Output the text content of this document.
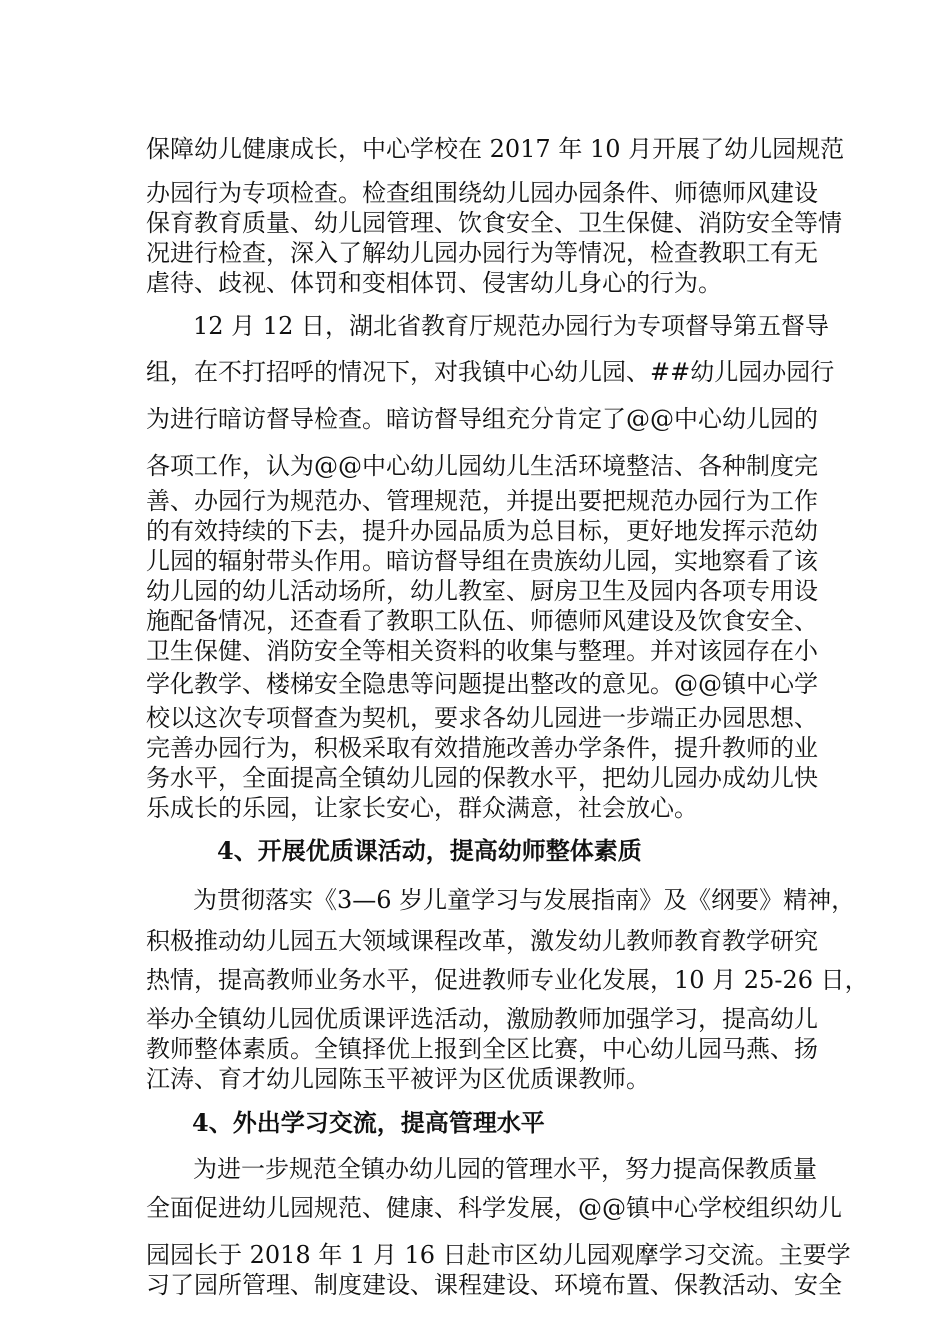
保障幼儿健康成长，中心学校在 2017 年 10 月开展了幼儿园规范
办园行为专项检查。检查组围绕幼儿园办园条件、师德师风建设
保育教育质量、幼儿园管理、饮食安全、卫生保健、消防安全等情
况进行检查，深入了解幼儿园办园行为等情况，检查教职工有无
虐待、歧视、体罚和变相体罚、侵害幼儿身心的行为。
12 月 12 日，湖北省教育厅规范办园行为专项督导第五督导
组，在不打招呼的情况下，对我镇中心幼儿园、##幼儿园办园行
为进行暗访督导检查。暗访督导组充分肯定了@@中心幼儿园的
各项工作，认为@@中心幼儿园幼儿生活环境整洁、各种制度完
善、办园行为规范办、管理规范，并提出要把规范办园行为工作
的有效持续的下去，提升办园品质为总目标，更好地发挥示范幼
儿园的辐射带头作用。暗访督导组在贵族幼儿园，实地察看了该
幼儿园的幼儿活动场所，幼儿教室、厨房卫生及园内各项专用设
施配备情况，还查看了教职工队伍、师德师风建设及饮食安全、
卫生保健、消防安全等相关资料的收集与整理。并对该园存在小
学化教学、楼梯安全隐患等问题提出整改的意见。@@镇中心学
校以这次专项督查为契机，要求各幼儿园进一步端正办园思想、
完善办园行为，积极采取有效措施改善办学条件，提升教师的业
务水平，全面提高全镇幼儿园的保教水平，把幼儿园办成幼儿快
乐成长的乐园，让家长安心，群众满意，社会放心。
4、开展优质课活动，提高幼师整体素质
为贯彻落实《3—6 岁儿童学习与发展指南》及《纲要》精神，
积极推动幼儿园五大领域课程改革，激发幼儿教师教育教学研究
热情，提高教师业务水平，促进教师专业化发展，10 月 25-26 日，
举办全镇幼儿园优质课评选活动，激励教师加强学习，提高幼儿
教师整体素质。全镇择优上报到全区比赛，中心幼儿园马燕、扬
江涛、育才幼儿园陈玉平被评为区优质课教师。
4、外出学习交流，提高管理水平
为进一步规范全镇办幼儿园的管理水平，努力提高保教质量
全面促进幼儿园规范、健康、科学发展，@@镇中心学校组织幼儿
园园长于 2018 年 1 月 16 日赴市区幼儿园观摩学习交流。主要学
习了园所管理、制度建设、课程建设、环境布置、保教活动、安全
